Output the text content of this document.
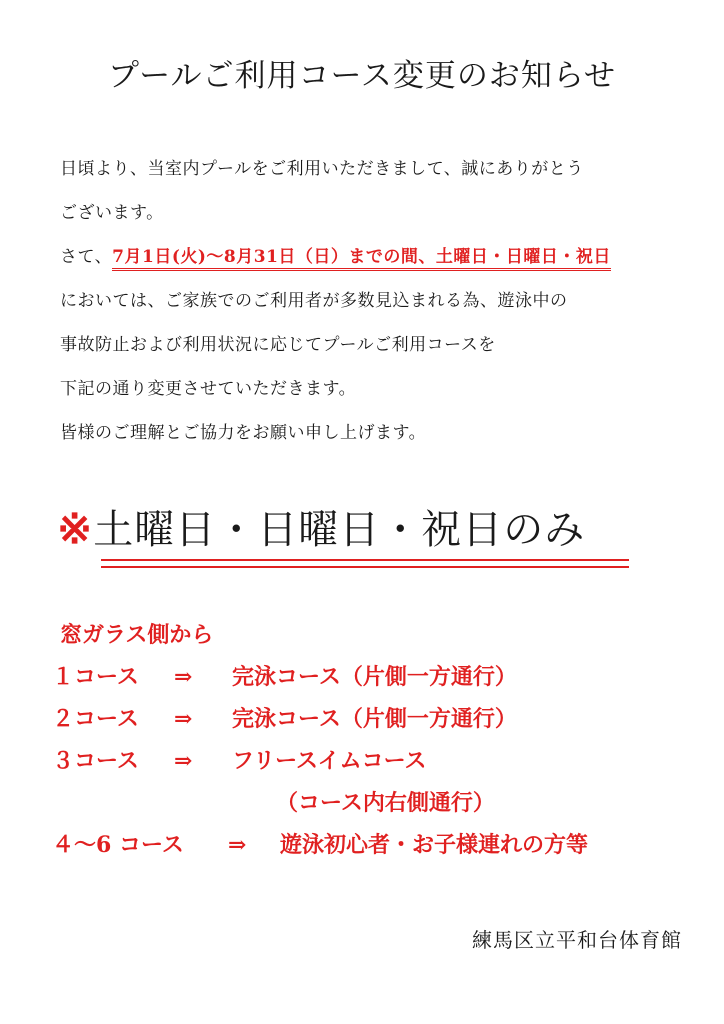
プールご利用コース変更のお知らせ
日頃より、当室内プールをご利用いただきまして、誠にありがとう
ございます。
さて、7月1日(火)～8月31日（日）までの間、土曜日・日曜日・祝日
においては、ご家族でのご利用者が多数見込まれる為、遊泳中の
事故防止および利用状況に応じてプールご利用コースを
下記の通り変更させていただきます。
皆様のご理解とご協力をお願い申し上げます。
※土曜日・日曜日・祝日のみ
窓ガラス側から
１コース ⇒ 完泳コース（片側一方通行）
２コース ⇒ 完泳コース（片側一方通行）
３コース ⇒ フリースイムコース
（コース内右側通行）
４～6 コース ⇒ 遊泳初心者・お子様連れの方等
練馬区立平和台体育館
